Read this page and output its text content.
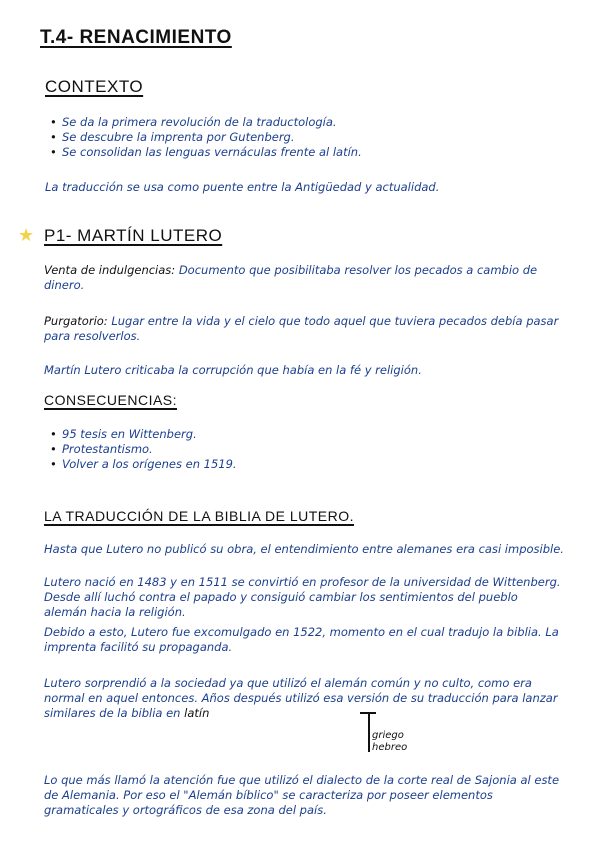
T.4- RENACIMIENTO
CONTEXTO
• Se da la primera revolución de la traductología.
• Se descubre la imprenta por Gutenberg.
• Se consolidan las lenguas vernáculas frente al latín.
La traducción se usa como puente entre la Antigüedad y actualidad.
★ P1- MARTÍN LUTERO
Venta de indulgencias: Documento que posibilitaba resolver los pecados a cambio de dinero.
Purgatorio: Lugar entre la vida y el cielo que todo aquel que tuviera pecados debía pasar para resolverlos.
Martín Lutero criticaba la corrupción que había en la fé y religión.
CONSECUENCIAS:
• 95 tesis en Wittenberg.
• Protestantismo.
• Volver a los orígenes en 1519.
LA TRADUCCIÓN DE LA BIBLIA DE LUTERO.
Hasta que Lutero no publicó su obra, el entendimiento entre alemanes era casi imposible.
Lutero nació en 1483 y en 1511 se convirtió en profesor de la universidad de Wittenberg. Desde allí luchó contra el papado y consiguió cambiar los sentimientos del pueblo alemán hacia la religión.
Debido a esto, Lutero fue excomulgado en 1522, momento en el cual tradujo la biblia. La imprenta facilitó su propaganda.
Lutero sorprendió a la sociedad ya que utilizó el alemán común y no culto, como era normal en aquel entonces. Años después utilizó esa versión de su traducción para lanzar similares de la biblia en latín
griego
hebreo
Lo que más llamó la atención fue que utilizó el dialecto de la corte real de Sajonia al este de Alemania. Por eso el "Alemán bíblico" se caracteriza por poseer elementos gramaticales y ortográficos de esa zona del país.
